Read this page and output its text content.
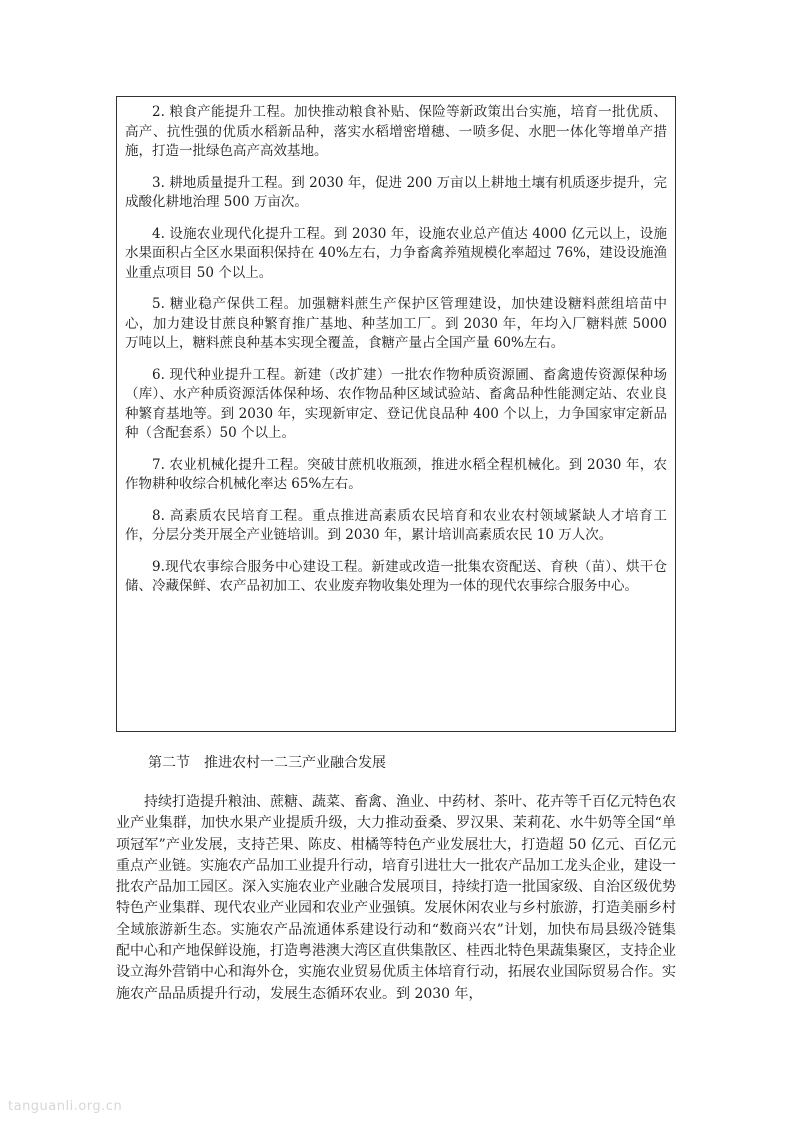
2. 粮食产能提升工程。加快推动粮食补贴、保险等新政策出台实施，培育一批优质、高产、抗性强的优质水稻新品种，落实水稻增密增穗、一喷多促、水肥一体化等增单产措施，打造一批绿色高产高效基地。

3. 耕地质量提升工程。到 2030 年，促进 200 万亩以上耕地土壤有机质逐步提升，完成酸化耕地治理 500 万亩次。

4. 设施农业现代化提升工程。到 2030 年，设施农业总产值达 4000 亿元以上，设施水果面积占全区水果面积保持在 40%左右，力争畜禽养殖规模化率超过 76%，建设设施渔业重点项目 50 个以上。

5. 糖业稳产保供工程。加强糖料蔗生产保护区管理建设，加快建设糖料蔗组培苗中心，加力建设甘蔗良种繁育推广基地、种茎加工厂。到 2030 年，年均入厂糖料蔗 5000 万吨以上，糖料蔗良种基本实现全覆盖，食糖产量占全国产量 60%左右。

6. 现代种业提升工程。新建（改扩建）一批农作物种质资源圃、畜禽遗传资源保种场（库）、水产种质资源活体保种场、农作物品种区域试验站、畜禽品种性能测定站、农业良种繁育基地等。到 2030 年，实现新审定、登记优良品种 400 个以上，力争国家审定新品种（含配套系）50 个以上。

7. 农业机械化提升工程。突破甘蔗机收瓶颈，推进水稻全程机械化。到 2030 年，农作物耕种收综合机械化率达 65%左右。

8. 高素质农民培育工程。重点推进高素质农民培育和农业农村领域紧缺人才培育工作，分层分类开展全产业链培训。到 2030 年，累计培训高素质农民 10 万人次。

9.现代农事综合服务中心建设工程。新建或改造一批集农资配送、育秧（苗）、烘干仓储、冷藏保鲜、农产品初加工、农业废弃物收集处理为一体的现代农事综合服务中心。

第二节　推进农村一二三产业融合发展

持续打造提升粮油、蔗糖、蔬菜、畜禽、渔业、中药材、茶叶、花卉等千百亿元特色农业产业集群，加快水果产业提质升级，大力推动蚕桑、罗汉果、茉莉花、水牛奶等全国“单项冠军”产业发展，支持芒果、陈皮、柑橘等特色产业发展壮大，打造超 50 亿元、百亿元重点产业链。实施农产品加工业提升行动，培育引进壮大一批农产品加工龙头企业，建设一批农产品加工园区。深入实施农业产业融合发展项目，持续打造一批国家级、自治区级优势特色产业集群、现代农业产业园和农业产业强镇。发展休闲农业与乡村旅游，打造美丽乡村全域旅游新生态。实施农产品流通体系建设行动和“数商兴农”计划，加快布局县级冷链集配中心和产地保鲜设施，打造粤港澳大湾区直供集散区、桂西北特色果蔬集聚区，支持企业设立海外营销中心和海外仓，实施农业贸易优质主体培育行动，拓展农业国际贸易合作。实施农产品品质提升行动，发展生态循环农业。到 2030 年，

tanguanli.org.cn
